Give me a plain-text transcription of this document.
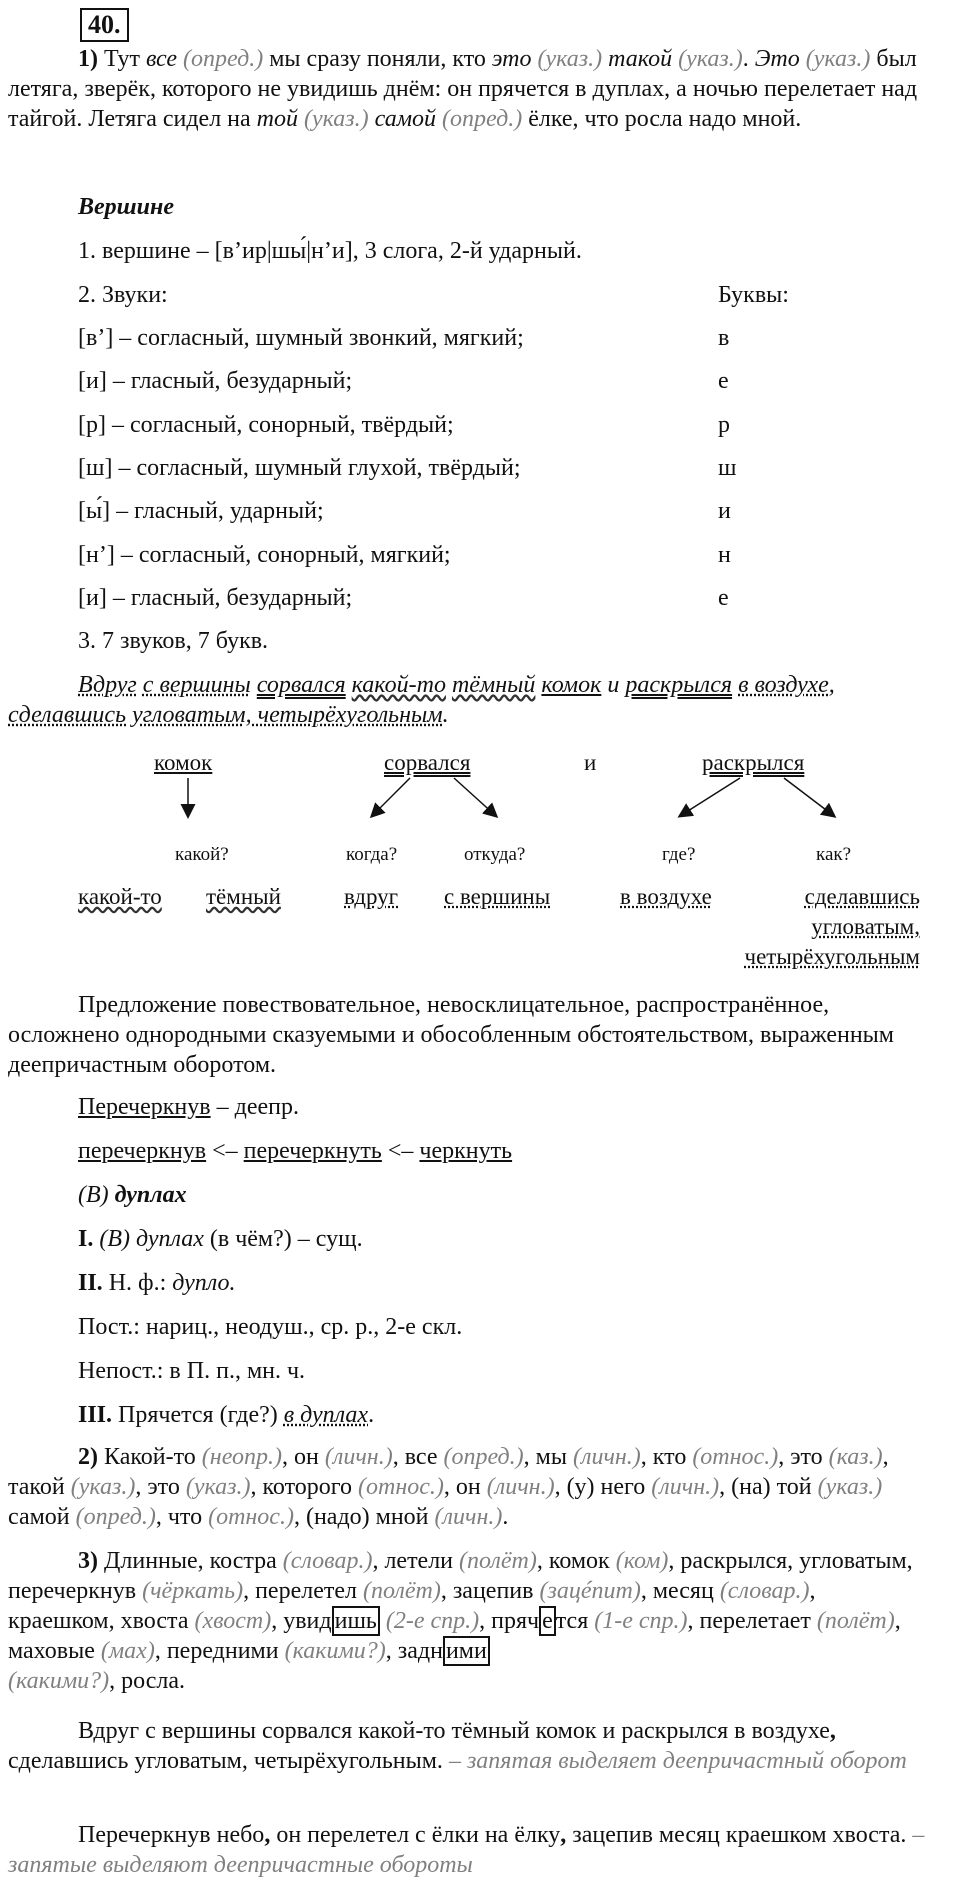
40.

1) Тут все (опред.) мы сразу поняли, кто это (указ.) такой (указ.). Это (указ.) был летяга, зверёк, которого не увидишь днём: он прячется в дуплах, а ночью перелетает над тайгой. Летяга сидел на той (указ.) самой (опред.) ёлке, что росла надо мной.

Вершине
1. вершине – [в’ир|шы́|н’и], 3 слога, 2-й ударный.
2. Звуки:	Буквы:
[в’] – согласный, шумный звонкий, мягкий;	в
[и] – гласный, безударный;	е
[р] – согласный, сонорный, твёрдый;	р
[ш] – согласный, шумный глухой, твёрдый;	ш
[ы́] – гласный, ударный;	и
[н’] – согласный, сонорный, мягкий;	н
[и] – гласный, безударный;	е
3. 7 звуков, 7 букв.

Вдруг с вершины сорвался какой-то тёмный комок и раскрылся в воздухе, сделавшись угловатым, четырёхугольным.

комок	сорвался	и	раскрылся
какой?	когда?	откуда?	где?	как?
какой-то тёмный	вдруг с вершины	в воздухе	сделавшись
угловатым,
четырёхугольным

Предложение повествовательное, невосклицательное, распространённое, осложнено однородными сказуемыми и обособленным обстоятельством, выраженным деепричастным оборотом.

Перечеркнув – деепр.
перечеркнув <– перечеркнуть <– черкнуть
(В) дуплах
I. (В) дуплах (в чём?) – сущ.
II. Н. ф.: дупло.
Пост.: нариц., неодуш., ср. р., 2-е скл.
Непост.: в П. п., мн. ч.
III. Прячется (где?) в дуплах.

2) Какой-то (неопр.), он (личн.), все (опред.), мы (личн.), кто (относ.), это (каз.), такой (указ.), это (указ.), которого (относ.), он (личн.), (у) него (личн.), (на) той (указ.) самой (опред.), что (относ.), (надо) мной (личн.).

3) Длинные, костра (словар.), летели (полёт), комок (ком), раскрылся, угловатым, перечеркнув (чёркать), перелетел (полёт), зацепив (зацéпит), месяц (словар.), краешком, хвоста (хвост), увид ишь (2-е спр.), пряч е тся (1-е спр.), перелетает (полёт), маховые (мах), передними (какими?), задн ими
(какими?), росла.

Вдруг с вершины сорвался какой-то тёмный комок и раскрылся в воздухе, сделавшись угловатым, четырёхугольным. – запятая выделяет деепричастный оборот

Перечеркнув небо, он перелетел с ёлки на ёлку, зацепив месяц краешком хвоста. – запятые выделяют деепричастные обороты
